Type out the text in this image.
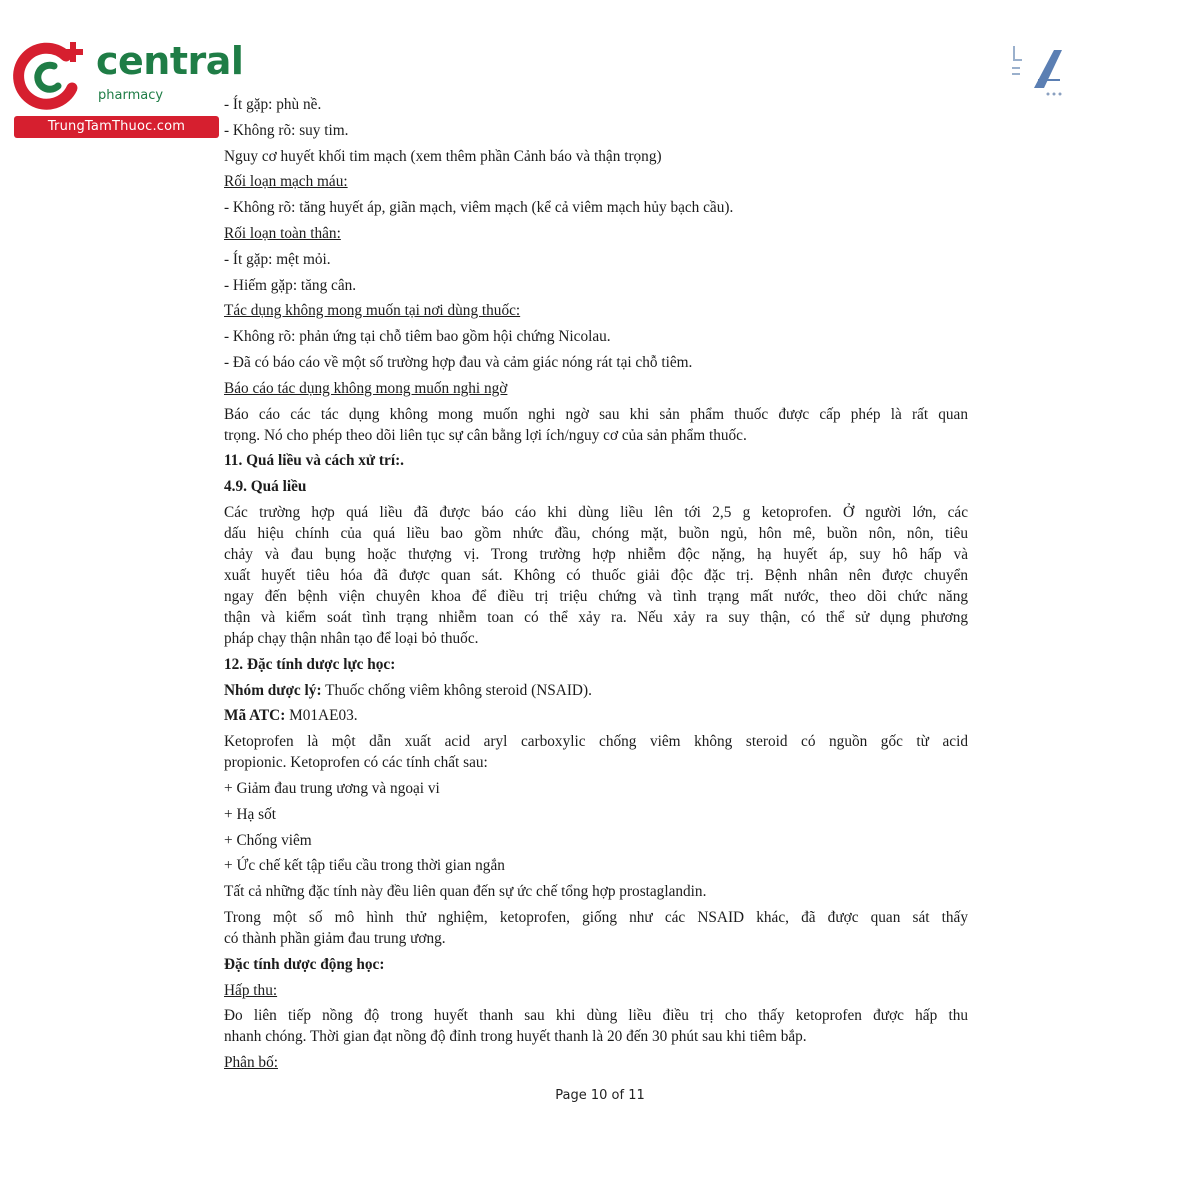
central
pharmacy
TrungTamThuoc.com

- Ít gặp: phù nề.

- Không rõ: suy tim.

Nguy cơ huyết khối tim mạch (xem thêm phần Cảnh báo và thận trọng)

Rối loạn mạch máu:

- Không rõ: tăng huyết áp, giãn mạch, viêm mạch (kể cả viêm mạch hủy bạch cầu).

Rối loạn toàn thân:

- Ít gặp: mệt mỏi.

- Hiếm gặp: tăng cân.

Tác dụng không mong muốn tại nơi dùng thuốc:

- Không rõ: phản ứng tại chỗ tiêm bao gồm hội chứng Nicolau.

- Đã có báo cáo về một số trường hợp đau và cảm giác nóng rát tại chỗ tiêm.

Báo cáo tác dụng không mong muốn nghi ngờ

Báo cáo các tác dụng không mong muốn nghi ngờ sau khi sản phẩm thuốc được cấp phép là rất quan

trọng. Nó cho phép theo dõi liên tục sự cân bằng lợi ích/nguy cơ của sản phẩm thuốc.

11. Quá liều và cách xử trí:.

4.9. Quá liều

Các trường hợp quá liều đã được báo cáo khi dùng liều lên tới 2,5 g ketoprofen. Ở người lớn, các

dấu hiệu chính của quá liều bao gồm nhức đầu, chóng mặt, buồn ngủ, hôn mê, buồn nôn, nôn, tiêu

chảy và đau bụng hoặc thượng vị. Trong trường hợp nhiễm độc nặng, hạ huyết áp, suy hô hấp và

xuất huyết tiêu hóa đã được quan sát. Không có thuốc giải độc đặc trị. Bệnh nhân nên được chuyển

ngay đến bệnh viện chuyên khoa để điều trị triệu chứng và tình trạng mất nước, theo dõi chức năng

thận và kiểm soát tình trạng nhiễm toan có thể xảy ra. Nếu xảy ra suy thận, có thể sử dụng phương

pháp chạy thận nhân tạo để loại bỏ thuốc.

12. Đặc tính dược lực học:

Nhóm dược lý: Thuốc chống viêm không steroid (NSAID).

Mã ATC: M01AE03.

Ketoprofen là một dẫn xuất acid aryl carboxylic chống viêm không steroid có nguồn gốc từ acid

propionic. Ketoprofen có các tính chất sau:

+ Giảm đau trung ương và ngoại vi

+ Hạ sốt

+ Chống viêm

+ Ức chế kết tập tiểu cầu trong thời gian ngắn

Tất cả những đặc tính này đều liên quan đến sự ức chế tổng hợp prostaglandin.

Trong một số mô hình thử nghiệm, ketoprofen, giống như các NSAID khác, đã được quan sát thấy

có thành phần giảm đau trung ương.

Đặc tính dược động học:

Hấp thu:

Đo liên tiếp nồng độ trong huyết thanh sau khi dùng liều điều trị cho thấy ketoprofen được hấp thu

nhanh chóng. Thời gian đạt nồng độ đỉnh trong huyết thanh là 20 đến 30 phút sau khi tiêm bắp.

Phân bố:

Page 10 of 11
